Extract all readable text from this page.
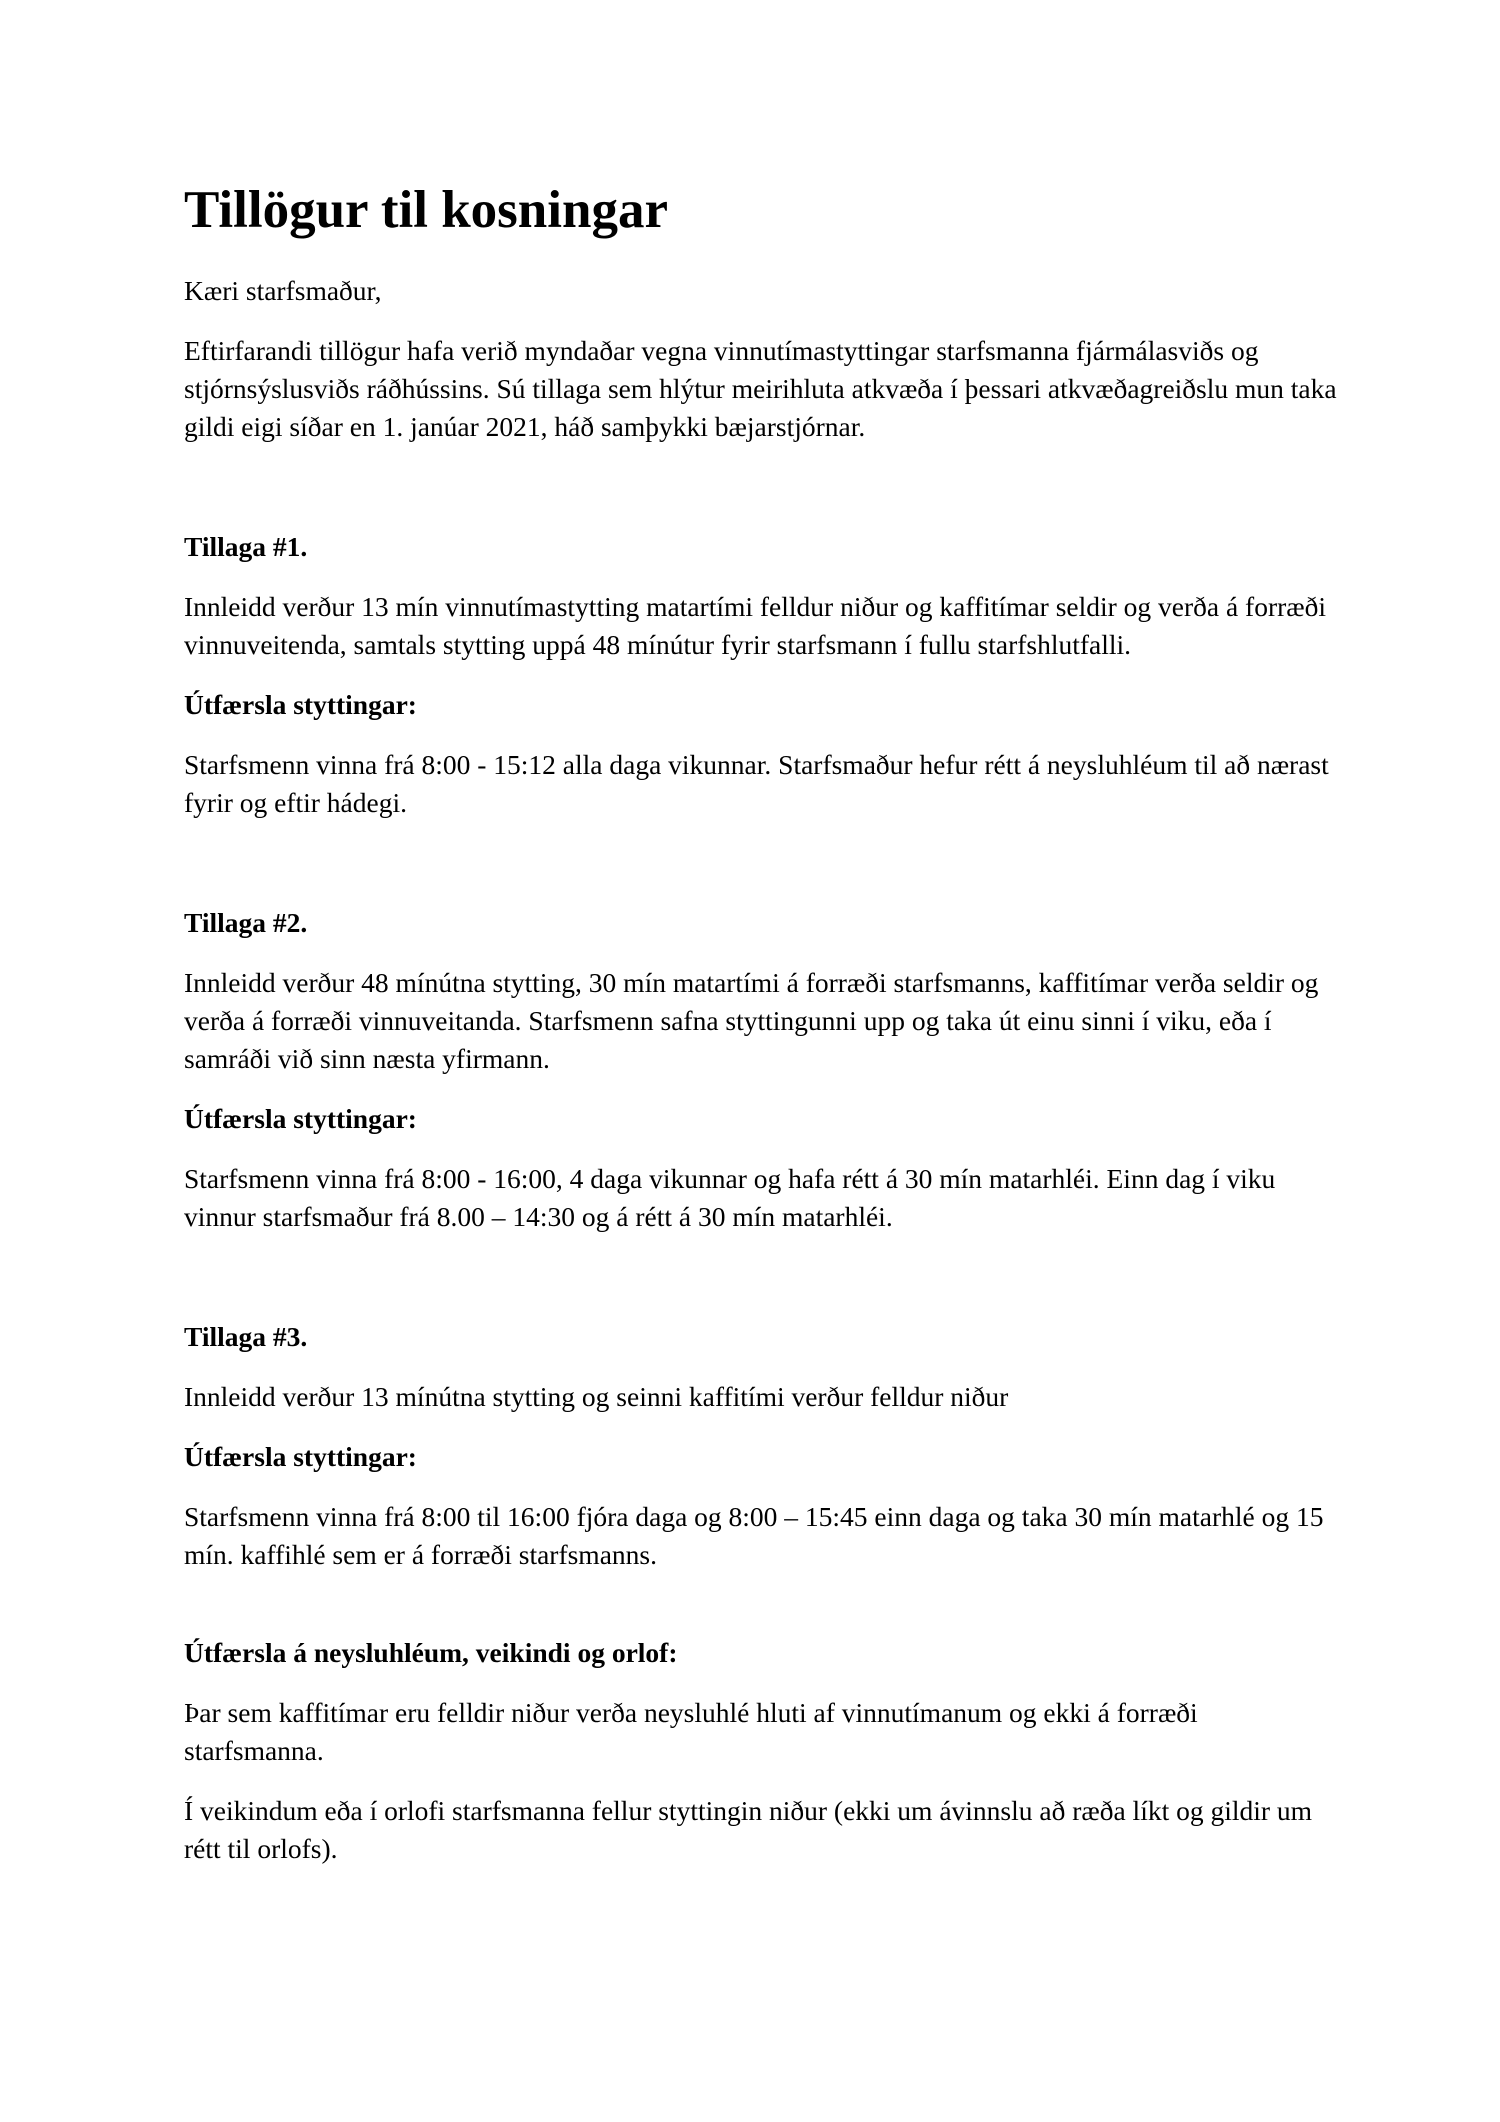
Tillögur til kosningar

Kæri starfsmaður,

Eftirfarandi tillögur hafa verið myndaðar vegna vinnutímastyttingar starfsmanna fjármálasviðs og stjórnsýslusviðs ráðhússins. Sú tillaga sem hlýtur meirihluta atkvæða í þessari atkvæðagreiðslu mun taka gildi eigi síðar en 1. janúar 2021, háð samþykki bæjarstjórnar.

Tillaga #1.

Innleidd verður 13 mín vinnutímastytting matartími felldur niður og kaffitímar seldir og verða á forræði vinnuveitenda, samtals stytting uppá 48 mínútur fyrir starfsmann í fullu starfshlutfalli.

Útfærsla styttingar:

Starfsmenn vinna frá 8:00 - 15:12 alla daga vikunnar. Starfsmaður hefur rétt á neysluhléum til að nærast fyrir og eftir hádegi.

Tillaga #2.

Innleidd verður 48 mínútna stytting, 30 mín matartími á forræði starfsmanns, kaffitímar verða seldir og verða á forræði vinnuveitanda. Starfsmenn safna styttingunni upp og taka út einu sinni í viku, eða í samráði við sinn næsta yfirmann.

Útfærsla styttingar:

Starfsmenn vinna frá 8:00 - 16:00, 4 daga vikunnar og hafa rétt á 30 mín matarhléi. Einn dag í viku vinnur starfsmaður frá 8.00 – 14:30 og á rétt á 30 mín matarhléi.

Tillaga #3.

Innleidd verður 13 mínútna stytting og seinni kaffitími verður felldur niður

Útfærsla styttingar:

Starfsmenn vinna frá 8:00 til 16:00 fjóra daga og 8:00 – 15:45 einn daga og taka 30 mín matarhlé og 15 mín. kaffihlé sem er á forræði starfsmanns.

Útfærsla á neysluhléum, veikindi og orlof:

Þar sem kaffitímar eru felldir niður verða neysluhlé hluti af vinnutímanum og ekki á forræði starfsmanna.

Í veikindum eða í orlofi starfsmanna fellur styttingin niður (ekki um ávinnslu að ræða líkt og gildir um rétt til orlofs).
